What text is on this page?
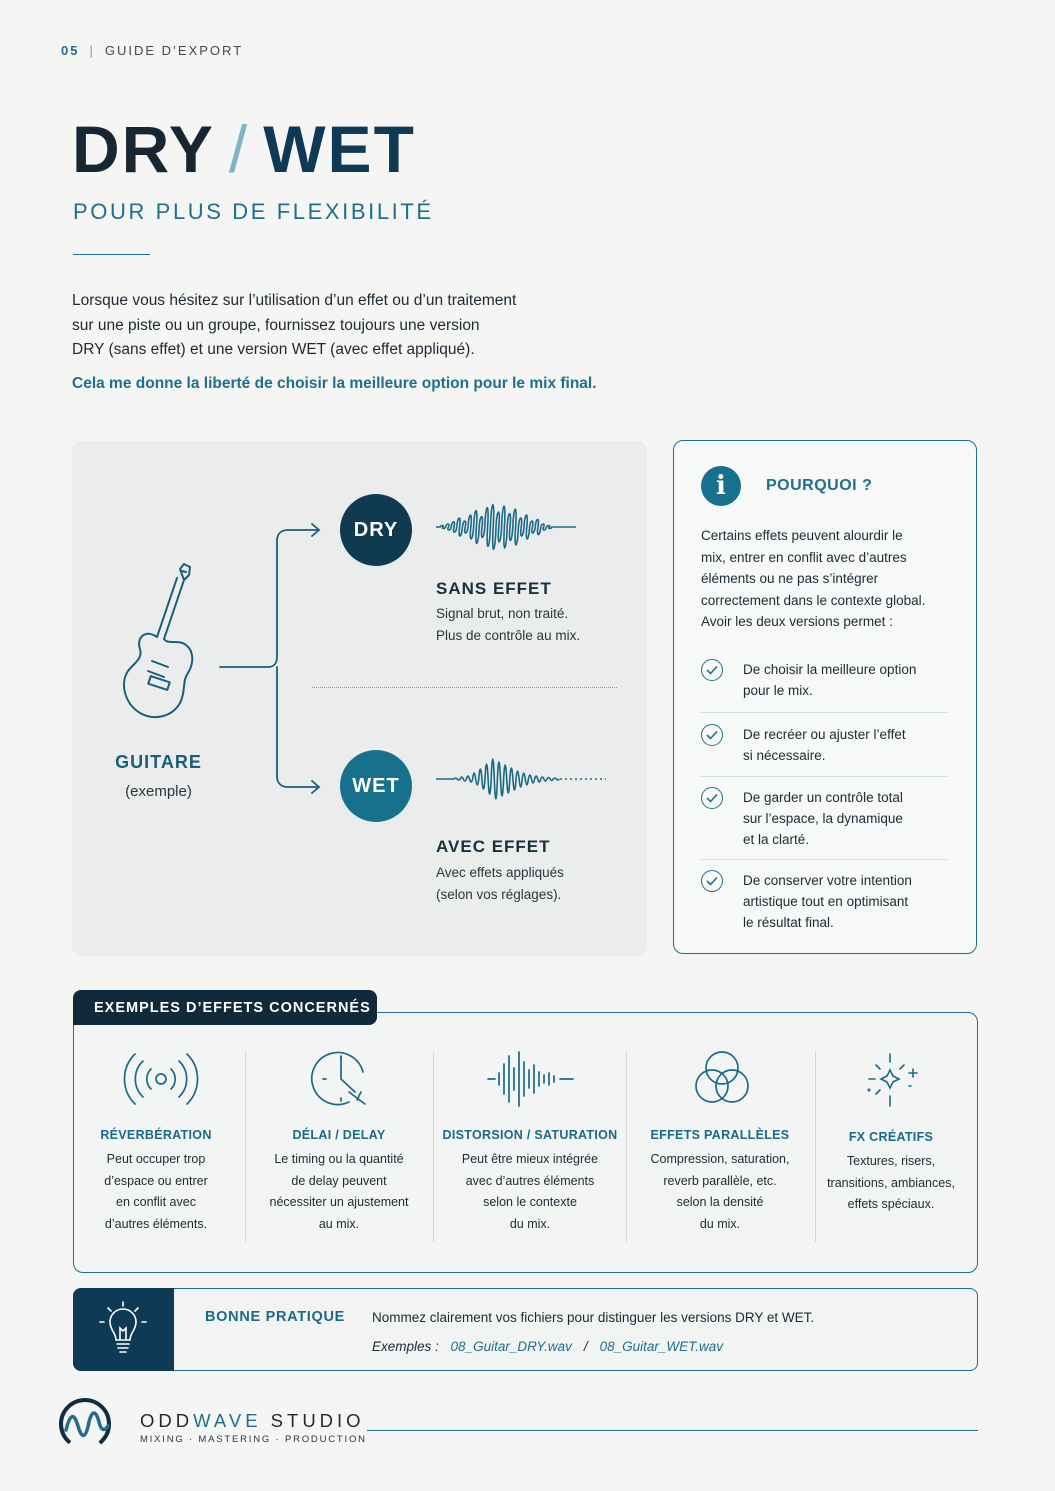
05 | GUIDE D’EXPORT
DRY / WET
POUR PLUS DE FLEXIBILITÉ
Lorsque vous hésitez sur l’utilisation d’un effet ou d’un traitement
sur une piste ou un groupe, fournissez toujours une version
DRY (sans effet) et une version WET (avec effet appliqué).
Cela me donne la liberté de choisir la meilleure option pour le mix final.
GUITARE
(exemple)
DRY
SANS EFFET
Signal brut, non traité.
Plus de contrôle au mix.
WET
AVEC EFFET
Avec effets appliqués
(selon vos réglages).
i	POURQUOI ?
Certains effets peuvent alourdir le
mix, entrer en conflit avec d’autres
éléments ou ne pas s’intégrer
correctement dans le contexte global.
Avoir les deux versions permet :
De choisir la meilleure option
pour le mix.
De recréer ou ajuster l’effet
si nécessaire.
De garder un contrôle total
sur l’espace, la dynamique
et la clarté.
De conserver votre intention
artistique tout en optimisant
le résultat final.
EXEMPLES D’EFFETS CONCERNÉS
RÉVERBÉRATION
Peut occuper trop
d’espace ou entrer
en conflit avec
d’autres éléments.
DÉLAI / DELAY
Le timing ou la quantité
de delay peuvent
nécessiter un ajustement
au mix.
DISTORSION / SATURATION
Peut être mieux intégrée
avec d’autres éléments
selon le contexte
du mix.
EFFETS PARALLÈLES
Compression, saturation,
reverb parallèle, etc.
selon la densité
du mix.
FX CRÉATIFS
Textures, risers,
transitions, ambiances,
effets spéciaux.
BONNE PRATIQUE Nommez clairement vos fichiers pour distinguer les versions DRY et WET.
Exemples : 08_Guitar_DRY.wav / 08_Guitar_WET.wav
ODDWAVE STUDIO
MIXING · MASTERING · PRODUCTION
